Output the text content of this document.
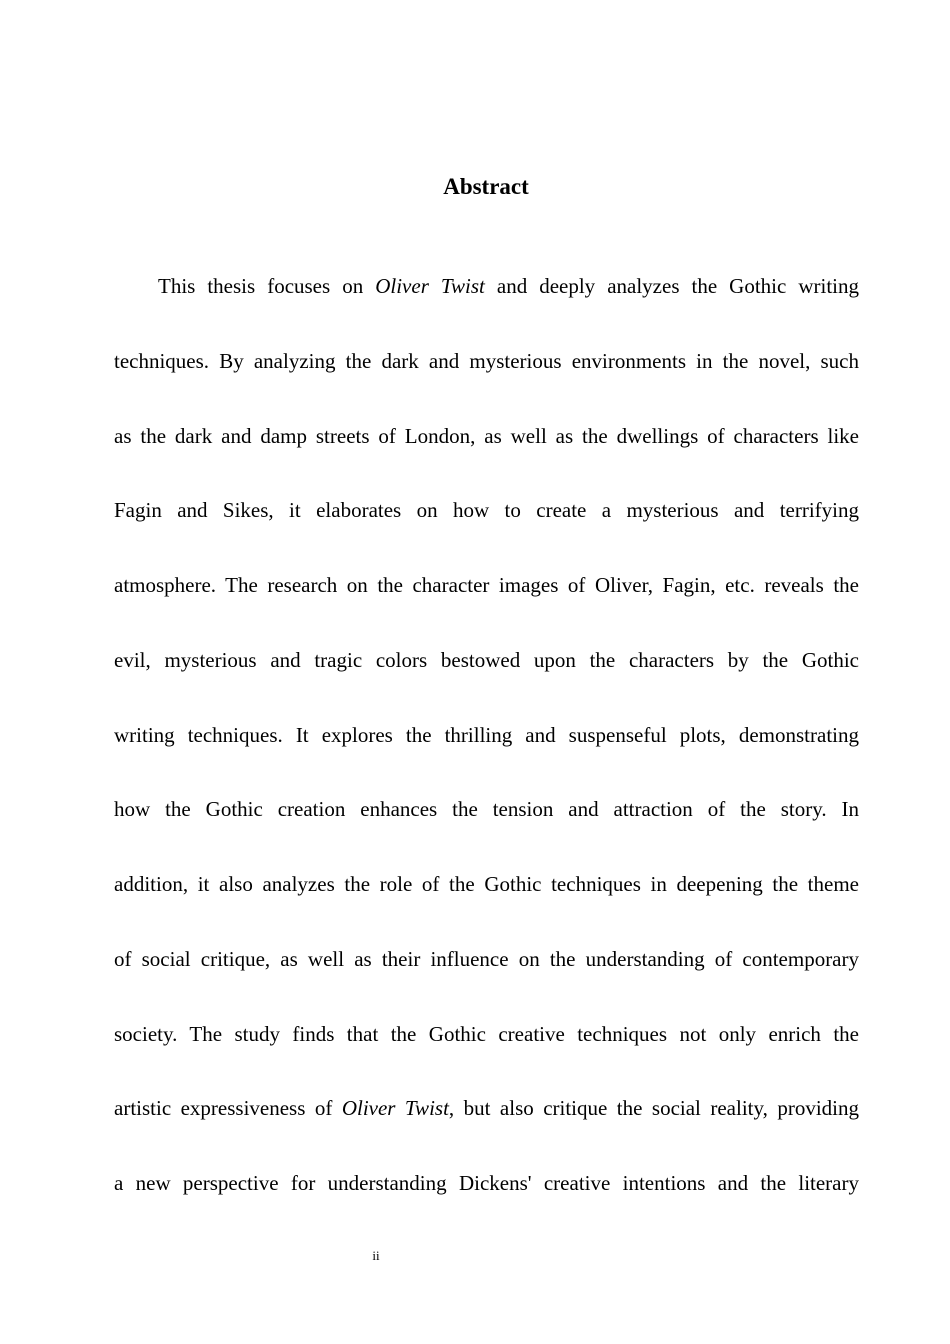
Abstract
This thesis focuses on Oliver Twist and deeply analyzes the Gothic writing
techniques. By analyzing the dark and mysterious environments in the novel, such
as the dark and damp streets of London, as well as the dwellings of characters like
Fagin and Sikes, it elaborates on how to create a mysterious and terrifying
atmosphere. The research on the character images of Oliver, Fagin, etc. reveals the
evil, mysterious and tragic colors bestowed upon the characters by the Gothic
writing techniques. It explores the thrilling and suspenseful plots, demonstrating
how the Gothic creation enhances the tension and attraction of the story. In
addition, it also analyzes the role of the Gothic techniques in deepening the theme
of social critique, as well as their influence on the understanding of contemporary
society. The study finds that the Gothic creative techniques not only enrich the
artistic expressiveness of Oliver Twist, but also critique the social reality, providing
a new perspective for understanding Dickens' creative intentions and the literary
ii
